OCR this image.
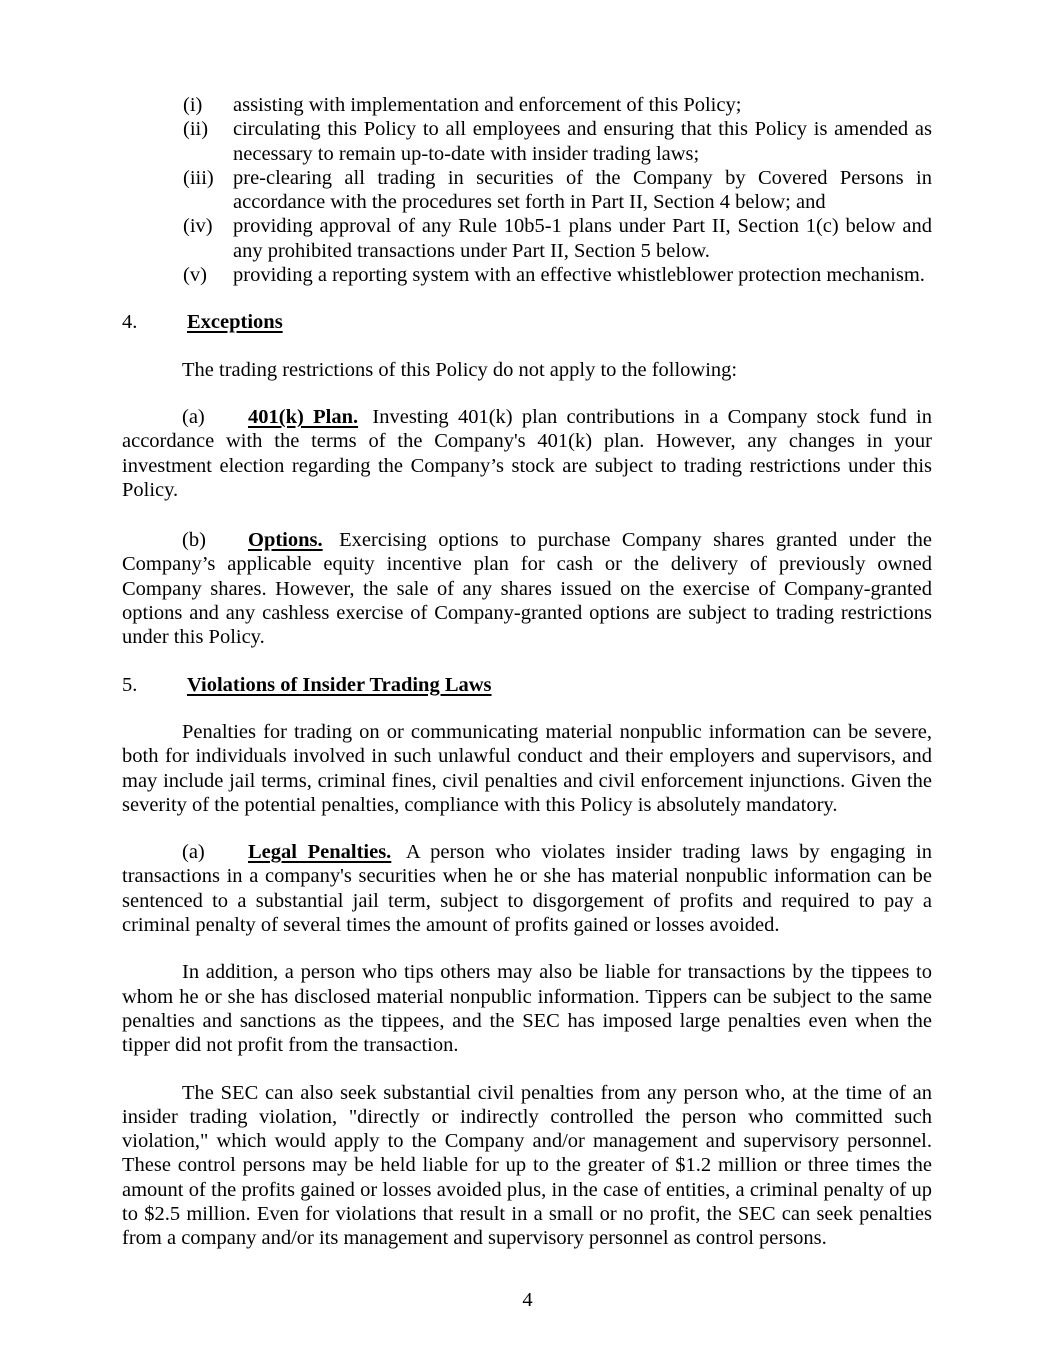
(i) assisting with implementation and enforcement of this Policy;
(ii) circulating this Policy to all employees and ensuring that this Policy is amended as necessary to remain up-to-date with insider trading laws;
(iii) pre-clearing all trading in securities of the Company by Covered Persons in accordance with the procedures set forth in Part II, Section 4 below; and
(iv) providing approval of any Rule 10b5-1 plans under Part II, Section 1(c) below and any prohibited transactions under Part II, Section 5 below.
(v) providing a reporting system with an effective whistleblower protection mechanism.
4. Exceptions

The trading restrictions of this Policy do not apply to the following:

(a) 401(k) Plan. Investing 401(k) plan contributions in a Company stock fund in accordance with the terms of the Company's 401(k) plan. However, any changes in your investment election regarding the Company’s stock are subject to trading restrictions under this Policy.

(b) Options. Exercising options to purchase Company shares granted under the Company’s applicable equity incentive plan for cash or the delivery of previously owned Company shares. However, the sale of any shares issued on the exercise of Company-granted options and any cashless exercise of Company-granted options are subject to trading restrictions under this Policy.

5. Violations of Insider Trading Laws

Penalties for trading on or communicating material nonpublic information can be severe, both for individuals involved in such unlawful conduct and their employers and supervisors, and may include jail terms, criminal fines, civil penalties and civil enforcement injunctions. Given the severity of the potential penalties, compliance with this Policy is absolutely mandatory.

(a) Legal Penalties. A person who violates insider trading laws by engaging in transactions in a company's securities when he or she has material nonpublic information can be sentenced to a substantial jail term, subject to disgorgement of profits and required to pay a criminal penalty of several times the amount of profits gained or losses avoided.

In addition, a person who tips others may also be liable for transactions by the tippees to whom he or she has disclosed material nonpublic information. Tippers can be subject to the same penalties and sanctions as the tippees, and the SEC has imposed large penalties even when the tipper did not profit from the transaction.

The SEC can also seek substantial civil penalties from any person who, at the time of an insider trading violation, "directly or indirectly controlled the person who committed such violation," which would apply to the Company and/or management and supervisory personnel. These control persons may be held liable for up to the greater of $1.2 million or three times the amount of the profits gained or losses avoided plus, in the case of entities, a criminal penalty of up to $2.5 million. Even for violations that result in a small or no profit, the SEC can seek penalties from a company and/or its management and supervisory personnel as control persons.

4
